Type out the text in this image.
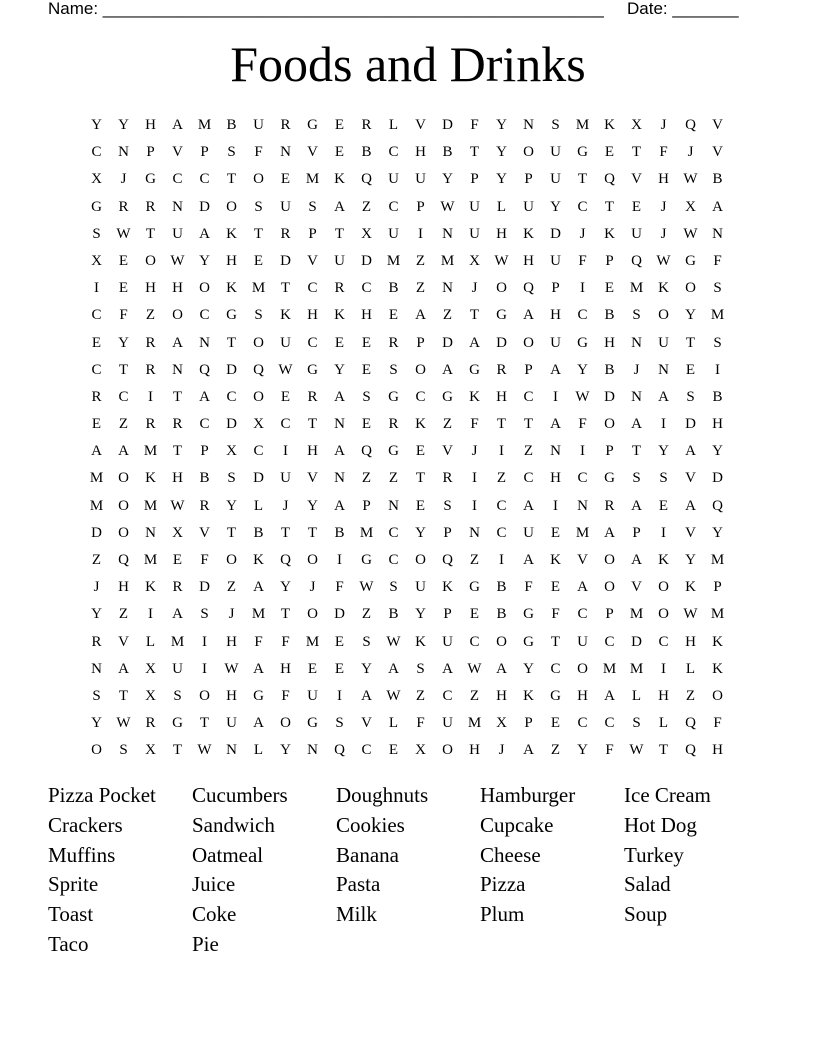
Name: _____________________________________________________ Date: _______
Foods and Drinks
Y	Y	H	A M	B	U	R	G	E	R	L	V	D	F	Y	N	S	M K	X	J	Q	V
C	N	P	V	P	S	F	N	V	E	B	C	H	B	T	Y	O	U	G	E	T	F	J	V
X	J	G	C	C	T	O	E	M K	Q	U	U	Y	P	Y	P	U	T	Q	V	H W B
G	R	R	N	D	O	S	U	S	A	Z	C	P	W U	L	U	Y	C	T	E	J	X	A
S	W	T	U	A	K	T	R	P	T	X	U	I	N	U	H	K	D	J	K	U	J	W N
X	E	O W Y	H	E	D	V	U	D M	Z	M X W H	U	F	P	Q W G	F
I	E	H	H	O	K M	T	C	R	C	B	Z	N	J	O	Q	P	I	E	M K	O	S
C	F	Z	O	C	G	S	K	H	K	H	E	A	Z	T	G	A	H	C	B	S	O	Y M
E	Y	R	A	N	T	O	U	C	E	E	R	P	D	A	D	O	U	G	H	N	U	T	S
C	T	R	N	Q	D	Q W G	Y	E	S	O	A	G	R	P	A	Y	B	J	N	E	I
R	C	I	T	A	C	O	E	R	A	S	G	C	G	K	H	C	I	W D	N	A	S	B
E	Z	R	R	C	D	X	C	T	N	E	R	K	Z	F	T	T	A	F	O	A	I	D	H
A	A M	T	P	X	C	I	H	A	Q	G	E	V	J	I	Z	N	I	P	T	Y	A	Y
M O	K	H	B	S	D	U	V	N	Z	Z	T	R	I	Z	C	H	C	G	S	S	V	D
M O M W R	Y	L	J	Y	A	P	N	E	S	I	C	A	I	N	R	A	E	A	Q
D	O	N	X	V	T	B	T	T	B	M	C	Y	P	N	C	U	E	M A	P	I	V	Y
Z	Q M	E	F	O	K	Q	O	I	G	C	O	Q	Z	I	A	K	V	O	A	K	Y M
J	H	K	R	D	Z	A	Y	J	F	W	S	U	K	G	B	F	E	A	O	V	O	K	P
Y	Z	I	A	S	J	M	T	O	D	Z	B	Y	P	E	B	G	F	C	P	M O W M
R	V	L	M	I	H	F	F	M	E	S	W K	U	C	O	G	T	U	C	D	C	H	K
N	A	X	U	I	W A	H	E	E	Y	A	S	A W A	Y	C	O M M	I	L	K
S	T	X	S	O	H	G	F	U	I	A W	Z	C	Z	H	K	G	H	A	L	H	Z	O
Y W R	G	T	U	A	O	G	S	V	L	F	U M X	P	E	C	C	S	L	Q	F
O	S	X	T	W N	L	Y	N	Q	C	E	X	O	H	J	A	Z	Y	F	W	T	Q	H
Pizza Pocket	Cucumbers	Doughnuts	Hamburger	Ice Cream
Crackers	Sandwich	Cookies	Cupcake	Hot Dog
Muffins	Oatmeal	Banana	Cheese	Turkey
Sprite	Juice	Pasta	Pizza	Salad
Toast	Coke	Milk	Plum	Soup
Taco	Pie
